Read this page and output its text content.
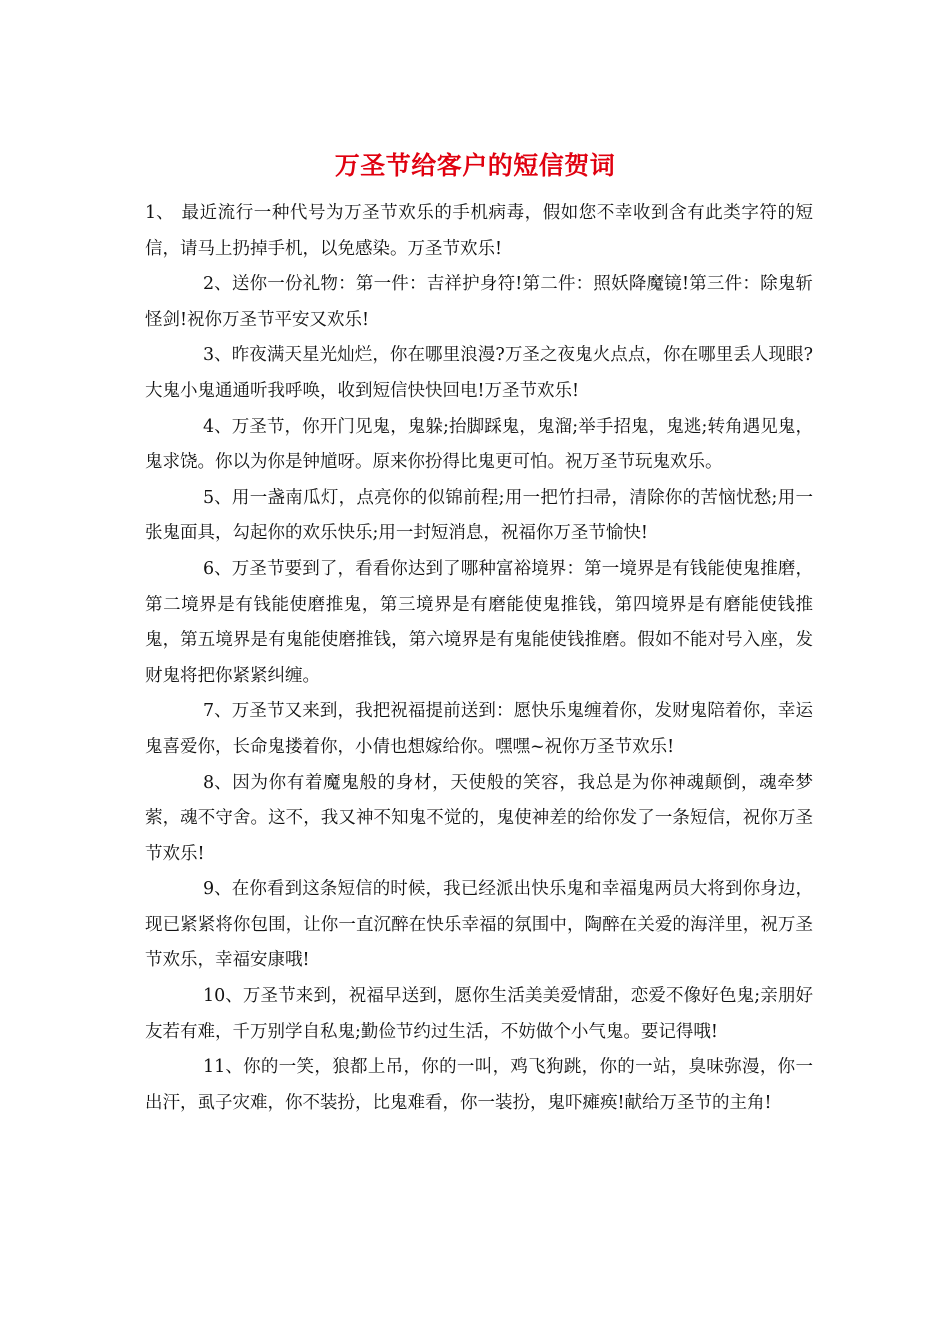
万圣节给客户的短信贺词

1、 最近流行一种代号为万圣节欢乐的手机病毒，假如您不幸收到含有此类字符的短信，请马上扔掉手机，以免感染。万圣节欢乐!

2、送你一份礼物：第一件：吉祥护身符!第二件：照妖降魔镜!第三件：除鬼斩怪剑!祝你万圣节平安又欢乐!

3、昨夜满天星光灿烂，你在哪里浪漫?万圣之夜鬼火点点，你在哪里丢人现眼?大鬼小鬼通通听我呼唤，收到短信快快回电!万圣节欢乐!

4、万圣节，你开门见鬼，鬼躲;抬脚踩鬼，鬼溜;举手招鬼，鬼逃;转角遇见鬼，鬼求饶。你以为你是钟馗呀。原来你扮得比鬼更可怕。祝万圣节玩鬼欢乐。

5、用一盏南瓜灯，点亮你的似锦前程;用一把竹扫帚，清除你的苦恼忧愁;用一张鬼面具，勾起你的欢乐快乐;用一封短消息，祝福你万圣节愉快!

6、万圣节要到了，看看你达到了哪种富裕境界：第一境界是有钱能使鬼推磨，第二境界是有钱能使磨推鬼，第三境界是有磨能使鬼推钱，第四境界是有磨能使钱推鬼，第五境界是有鬼能使磨推钱，第六境界是有鬼能使钱推磨。假如不能对号入座，发财鬼将把你紧紧纠缠。

7、万圣节又来到，我把祝福提前送到：愿快乐鬼缠着你，发财鬼陪着你，幸运鬼喜爱你，长命鬼搂着你，小倩也想嫁给你。嘿嘿~祝你万圣节欢乐!

8、因为你有着魔鬼般的身材，天使般的笑容，我总是为你神魂颠倒，魂牵梦萦，魂不守舍。这不，我又神不知鬼不觉的，鬼使神差的给你发了一条短信，祝你万圣节欢乐!

9、在你看到这条短信的时候，我已经派出快乐鬼和幸福鬼两员大将到你身边，现已紧紧将你包围，让你一直沉醉在快乐幸福的氛围中，陶醉在关爱的海洋里，祝万圣节欢乐，幸福安康哦!

10、万圣节来到，祝福早送到，愿你生活美美爱情甜，恋爱不像好色鬼;亲朋好友若有难，千万别学自私鬼;勤俭节约过生活，不妨做个小气鬼。要记得哦!

11、你的一笑，狼都上吊，你的一叫，鸡飞狗跳，你的一站，臭味弥漫，你一出汗，虱子灾难，你不装扮，比鬼难看，你一装扮，鬼吓瘫痪!献给万圣节的主角!
